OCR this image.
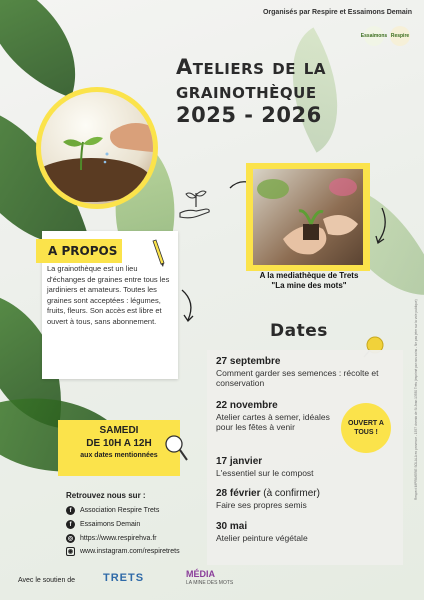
Organisés par Respire et Essaimons Demain
Essaimons Respire
Ateliers de la
grainothèque
2025 - 2026
A la mediathèque de Trets
"La mine des mots"
A PROPOS
La grainothèque est un lieu d'échanges de graines entre tous les jardiniers et amateurs. Toutes les graines sont acceptées : légumes, fruits, fleurs. Son accès est libre et ouvert à tous, sans abonnement.	Dates
27 septembre
Comment garder ses semences : récolte et conservation
22 novembre
Atelier cartes à semer, idéales pour les fêtes à venir
17 janvier
L'essentiel sur le compost
28 février (à confirmer)
Faire ses propres semis
30 mai
Atelier peinture végétale
OUVERT A TOUS !
SAMEDI
DE 10H A 12H
aux dates mentionnées
Retrouvez nous sur :
f	Association Respire Trets
f	Essaimons Demain
◎ https://www.respirehva.fr
◉ www.instagram.com/respiretrets
Avec le soutien de	TRETS	MÉDIA
LA MINE DES MOTS
Respect IMPRIMERIE SOLALA en provence - 1557 chemin de St Jean 13530 Trets (imprimé par nos soins - Ne pas jeter sur la voie publique)
